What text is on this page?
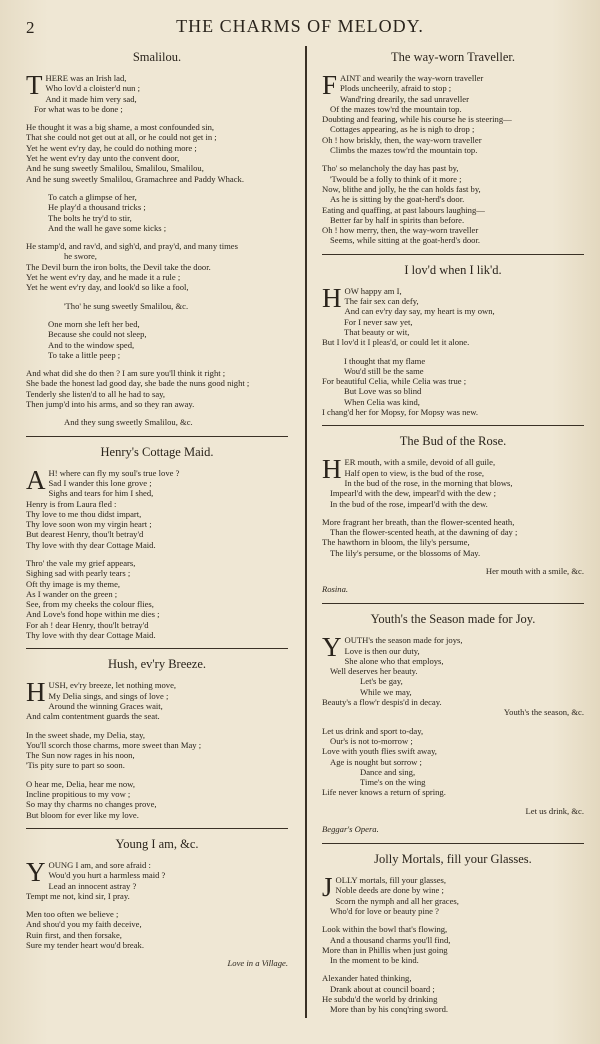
2	THE CHARMS OF MELODY.
Smalilou.
T HERE was an Irish lad,
Who lov'd a cloister'd nun ;
And it made him very sad,
For what was to be done ;
He thought it was a big shame, a most confounded sin,
That she could not get out at all, or he could not get in ;
Yet he went ev'ry day, he could do nothing more ;
Yet he went ev'ry day unto the convent door,
And he sung sweetly Smalilou, Smalilou, Smalilou,
And he sung sweetly Smalilou, Gramachree and Paddy Whack.
To catch a glimpse of her,
He play'd a thousand tricks ;
The bolts he try'd to stir,
And the wall he gave some kicks ;
He stamp'd, and rav'd, and sigh'd, and pray'd, and many times
he swore,
The Devil burn the iron bolts, the Devil take the door.
Yet he went ev'ry day, and he made it a rule ;
Yet he went ev'ry day, and look'd so like a fool,
'Tho' he sung sweetly Smalilou, &c.
One morn she left her bed,
Because she could not sleep,
And to the window sped,
To take a little peep ;
And what did she do then ? I am sure you'll think it right ;
She bade the honest lad good day, she bade the nuns good night ;
Tenderly she listen'd to all he had to say,
Then jump'd into his arms, and so they ran away.
And they sung sweetly Smalilou, &c.
Henry's Cottage Maid.
A H! where can fly my soul's true love ?
Sad I wander this lone grove ;
Sighs and tears for him I shed,
Henry is from Laura fled :
Thy love to me thou didst impart,
Thy love soon won my virgin heart ;
But dearest Henry, thou'lt betray'd
Thy love with thy dear Cottage Maid.
Thro' the vale my grief appears,
Sighing sad with pearly tears ;
Oft thy image is my theme,
As I wander on the green ;
See, from my cheeks the colour flies,
And Love's fond hope within me dies ;
For ah ! dear Henry, thou'lt betray'd
Thy love with thy dear Cottage Maid.
Hush, ev'ry Breeze.
H USH, ev'ry breeze, let nothing move,
My Delia sings, and sings of love ;
Around the winning Graces wait,
And calm contentment guards the seat.
In the sweet shade, my Delia, stay,
You'll scorch those charms, more sweet than May ;
The Sun now rages in his noon,
'Tis pity sure to part so soon.
O hear me, Delia, hear me now,
Incline propitious to my vow ;
So may thy charms no changes prove,
But bloom for ever like my love.
Young I am, &c.
Y OUNG I am, and sore afraid :
Wou'd you hurt a harmless maid ?
Lead an innocent astray ?
Tempt me not, kind sir, I pray.
Men too often we believe ;
And shou'd you my faith deceive,
Ruin first, and then forsake,
Sure my tender heart wou'd break.
Love in a Village.
The way-worn Traveller.
F AINT and wearily the way-worn traveller
Plods uncheerily, afraid to stop ;
Wand'ring drearily, the sad unraveller
Of the mazes tow'rd the mountain top.
Doubting and fearing, while his course he is steering—
Cottages appearing, as he is nigh to drop ;
Oh ! how briskly, then, the way-worn traveller
Climbs the mazes tow'rd the mountain top.
Tho' so melancholy the day has past by,
'Twould be a folly to think of it more ;
Now, blithe and jolly, he the can holds fast by,
As he is sitting by the goat-herd's door.
Eating and quaffing, at past labours laughing—
Better far by half in spirits than before.
Oh ! how merry, then, the way-worn traveller
Seems, while sitting at the goat-herd's door.
I lov'd when I lik'd.
H OW happy am I,
The fair sex can defy,
And can ev'ry day say, my heart is my own,
For I never saw yet,
That beauty or wit,
But I lov'd it I pleas'd, or could let it alone.
I thought that my flame
Wou'd still be the same
For beautiful Celia, while Celia was true ;
But Love was so blind
When Celia was kind,
I chang'd her for Mopsy, for Mopsy was new.
The Bud of the Rose.
H ER mouth, with a smile, devoid of all guile,
Half open to view, is the bud of the rose,
In the bud of the rose, in the morning that blows,
Impearl'd with the dew, impearl'd with the dew ;
In the bud of the rose, impearl'd with the dew.
More fragrant her breath, than the flower-scented heath,
Than the flower-scented heath, at the dawning of day ;
The hawthorn in bloom, the lily's persume,
The lily's persume, or the blossoms of May.
Her mouth with a smile, &c.
Rosina.
Youth's the Season made for Joy.
Y OUTH's the season made for joys,
Love is then our duty,
She alone who that employs,
Well deserves her beauty.
Let's be gay,
While we may,
Beauty's a flow'r despis'd in decay.
Youth's the season, &c.
Let us drink and sport to-day,
Our's is not to-morrow ;
Love with youth flies swift away,
Age is nought but sorrow ;
Dance and sing,
Time's on the wing
Life never knows a return of spring.
Let us drink, &c.
Beggar's Opera.
Jolly Mortals, fill your Glasses.
J OLLY mortals, fill your glasses,
Noble deeds are done by wine ;
Scorn the nymph and all her graces,
Who'd for love or beauty pine ?
Look within the bowl that's flowing,
And a thousand charms you'll find,
More than in Phillis when just going
In the moment to be kind.
Alexander hated thinking,
Drank about at council board ;
He subdu'd the world by drinking
More than by his conq'ring sword.
